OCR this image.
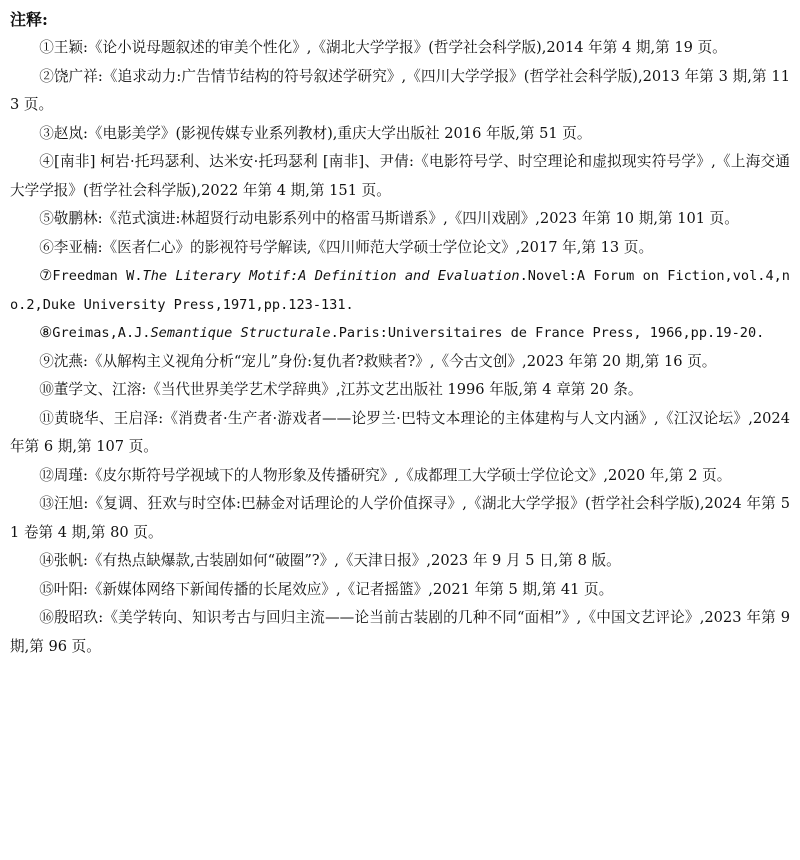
注释:

①王颖:《论小说母题叙述的审美个性化》,《湖北大学学报》(哲学社会科学版),2014 年第 4 期,第 19 页。

②饶广祥:《追求动力:广告情节结构的符号叙述学研究》,《四川大学学报》(哲学社会科学版),2013 年第 3 期,第 113 页。

③赵岚:《电影美学》(影视传媒专业系列教材),重庆大学出版社 2016 年版,第 51 页。

④[南非] 柯岩·托玛瑟利、达米安·托玛瑟利 [南非]、尹倩:《电影符号学、时空理论和虚拟现实符号学》,《上海交通大学学报》(哲学社会科学版),2022 年第 4 期,第 151 页。

⑤敬鹏林:《范式演进:林超贤行动电影系列中的格雷马斯谱系》,《四川戏剧》,2023 年第 10 期,第 101 页。

⑥李亚楠:《医者仁心》的影视符号学解读,《四川师范大学硕士学位论文》,2017 年,第 13 页。

⑦Freedman W.The Literary Motif:A Definition and Evaluation.Novel:A Forum on Fiction,vol.4,no.2,Duke University Press,1971,pp.123-131.

⑧Greimas,A.J.Semantique Structurale.Paris:Universitaires de France Press, 1966,pp.19-20.

⑨沈燕:《从解构主义视角分析“宠儿”身份:复仇者?救赎者?》,《今古文创》,2023 年第 20 期,第 16 页。

⑩董学文、江溶:《当代世界美学艺术学辞典》,江苏文艺出版社 1996 年版,第 4 章第 20 条。

⑪黄晓华、王启泽:《消费者·生产者·游戏者——论罗兰·巴特文本理论的主体建构与人文内涵》,《江汉论坛》,2024 年第 6 期,第 107 页。

⑫周瑾:《皮尔斯符号学视域下的人物形象及传播研究》,《成都理工大学硕士学位论文》,2020 年,第 2 页。

⑬汪旭:《复调、狂欢与时空体:巴赫金对话理论的人学价值探寻》,《湖北大学学报》(哲学社会科学版),2024 年第 51 卷第 4 期,第 80 页。

⑭张帆:《有热点缺爆款,古装剧如何“破圈”?》,《天津日报》,2023 年 9 月 5 日,第 8 版。

⑮叶阳:《新媒体网络下新闻传播的长尾效应》,《记者摇篮》,2021 年第 5 期,第 41 页。

⑯殷昭玖:《美学转向、知识考古与回归主流——论当前古装剧的几种不同“面相”》,《中国文艺评论》,2023 年第 9 期,第 96 页。
